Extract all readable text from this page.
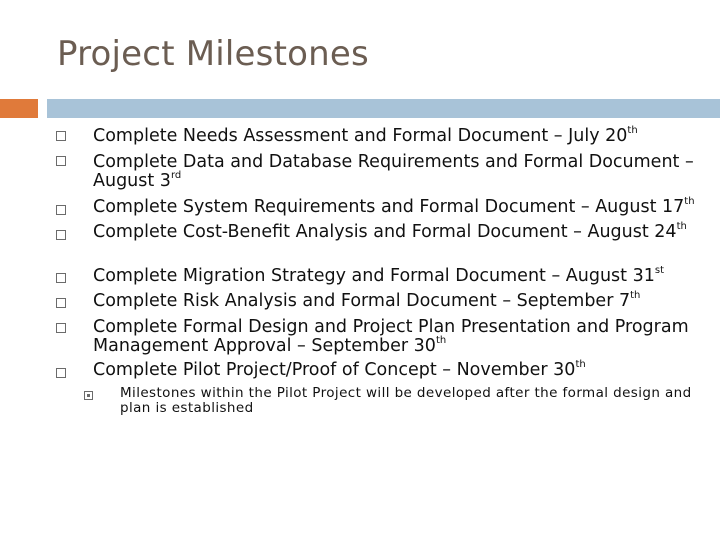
Project Milestones
Complete Needs Assessment and Formal Document – July 20th
Complete Data and Database Requirements and Formal Document – August 3rd
Complete System Requirements and Formal Document – August 17th
Complete Cost-Benefit Analysis and Formal Document – August 24th
Complete Migration Strategy and Formal Document – August 31st
Complete Risk Analysis and Formal Document – September 7th
Complete Formal Design and Project Plan Presentation and Program Management Approval – September 30th
Complete Pilot Project/Proof of Concept – November 30th
Milestones within the Pilot Project will be developed after the formal design and plan is established
